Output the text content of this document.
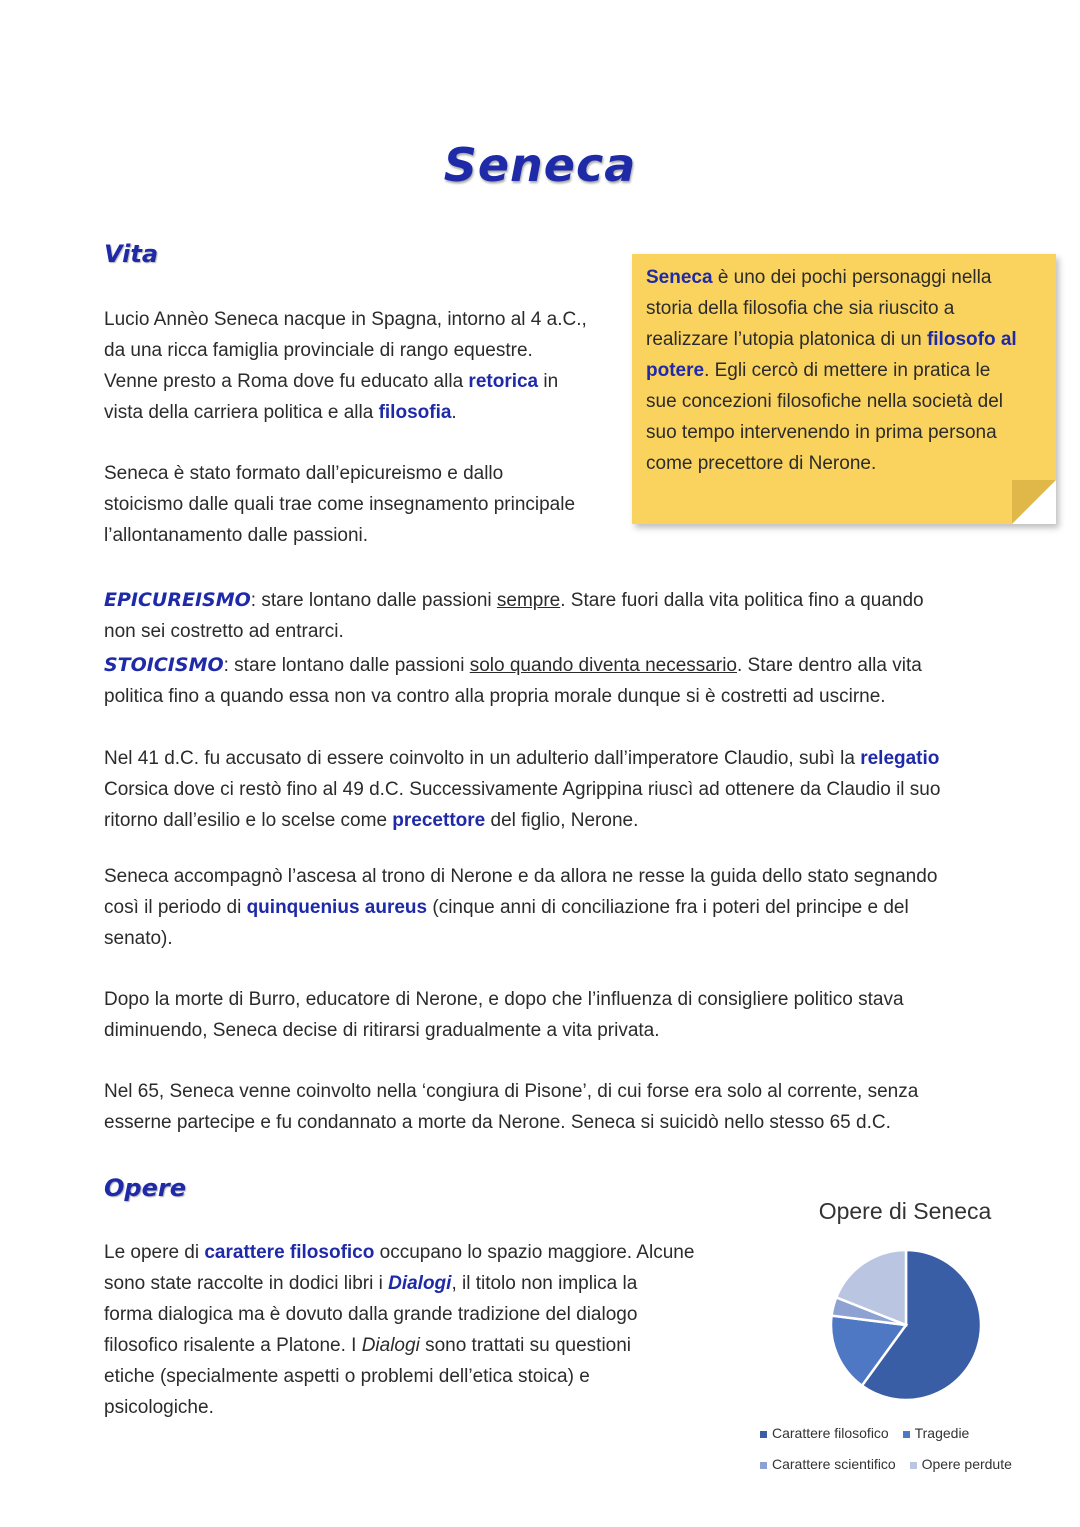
Seneca
Vita
Lucio Annèo Seneca nacque in Spagna, intorno al 4 a.C.,
da una ricca famiglia provinciale di rango equestre.
Venne presto a Roma dove fu educato alla retorica in
vista della carriera politica e alla filosofia.
Seneca è stato formato dall’epicureismo e dallo
stoicismo dalle quali trae come insegnamento principale
l’allontanamento dalle passioni.

Seneca è uno dei pochi personaggi nella
storia della filosofia che sia riuscito a
realizzare l’utopia platonica di un filosofo al
potere. Egli cercò di mettere in pratica le
sue concezioni filosofiche nella società del
suo tempo intervenendo in prima persona
come precettore di Nerone.

EPICUREISMO: stare lontano dalle passioni sempre. Stare fuori dalla vita politica fino a quando
non sei costretto ad entrarci.
STOICISMO: stare lontano dalle passioni solo quando diventa necessario. Stare dentro alla vita
politica fino a quando essa non va contro alla propria morale dunque si è costretti ad uscirne.
Nel 41 d.C. fu accusato di essere coinvolto in un adulterio dall’imperatore Claudio, subì la relegatio
Corsica dove ci restò fino al 49 d.C. Successivamente Agrippina riuscì ad ottenere da Claudio il suo
ritorno dall’esilio e lo scelse come precettore del figlio, Nerone.
Seneca accompagnò l’ascesa al trono di Nerone e da allora ne resse la guida dello stato segnando
così il periodo di quinquenius aureus (cinque anni di conciliazione fra i poteri del principe e del
senato).
Dopo la morte di Burro, educatore di Nerone, e dopo che l’influenza di consigliere politico stava
diminuendo, Seneca decise di ritirarsi gradualmente a vita privata.
Nel 65, Seneca venne coinvolto nella ‘congiura di Pisone’, di cui forse era solo al corrente, senza
esserne partecipe e fu condannato a morte da Nerone. Seneca si suicidò nello stesso 65 d.C.
Opere
Le opere di carattere filosofico occupano lo spazio maggiore. Alcune
sono state raccolte in dodici libri i Dialogi, il titolo non implica la
forma dialogica ma è dovuto dalla grande tradizione del dialogo
filosofico risalente a Platone. I Dialogi sono trattati su questioni
etiche (specialmente aspetti o problemi dell’etica stoica) e
psicologiche.
Opere di Seneca
Carattere filosofico Tragedie
Carattere scientifico Opere perdute
